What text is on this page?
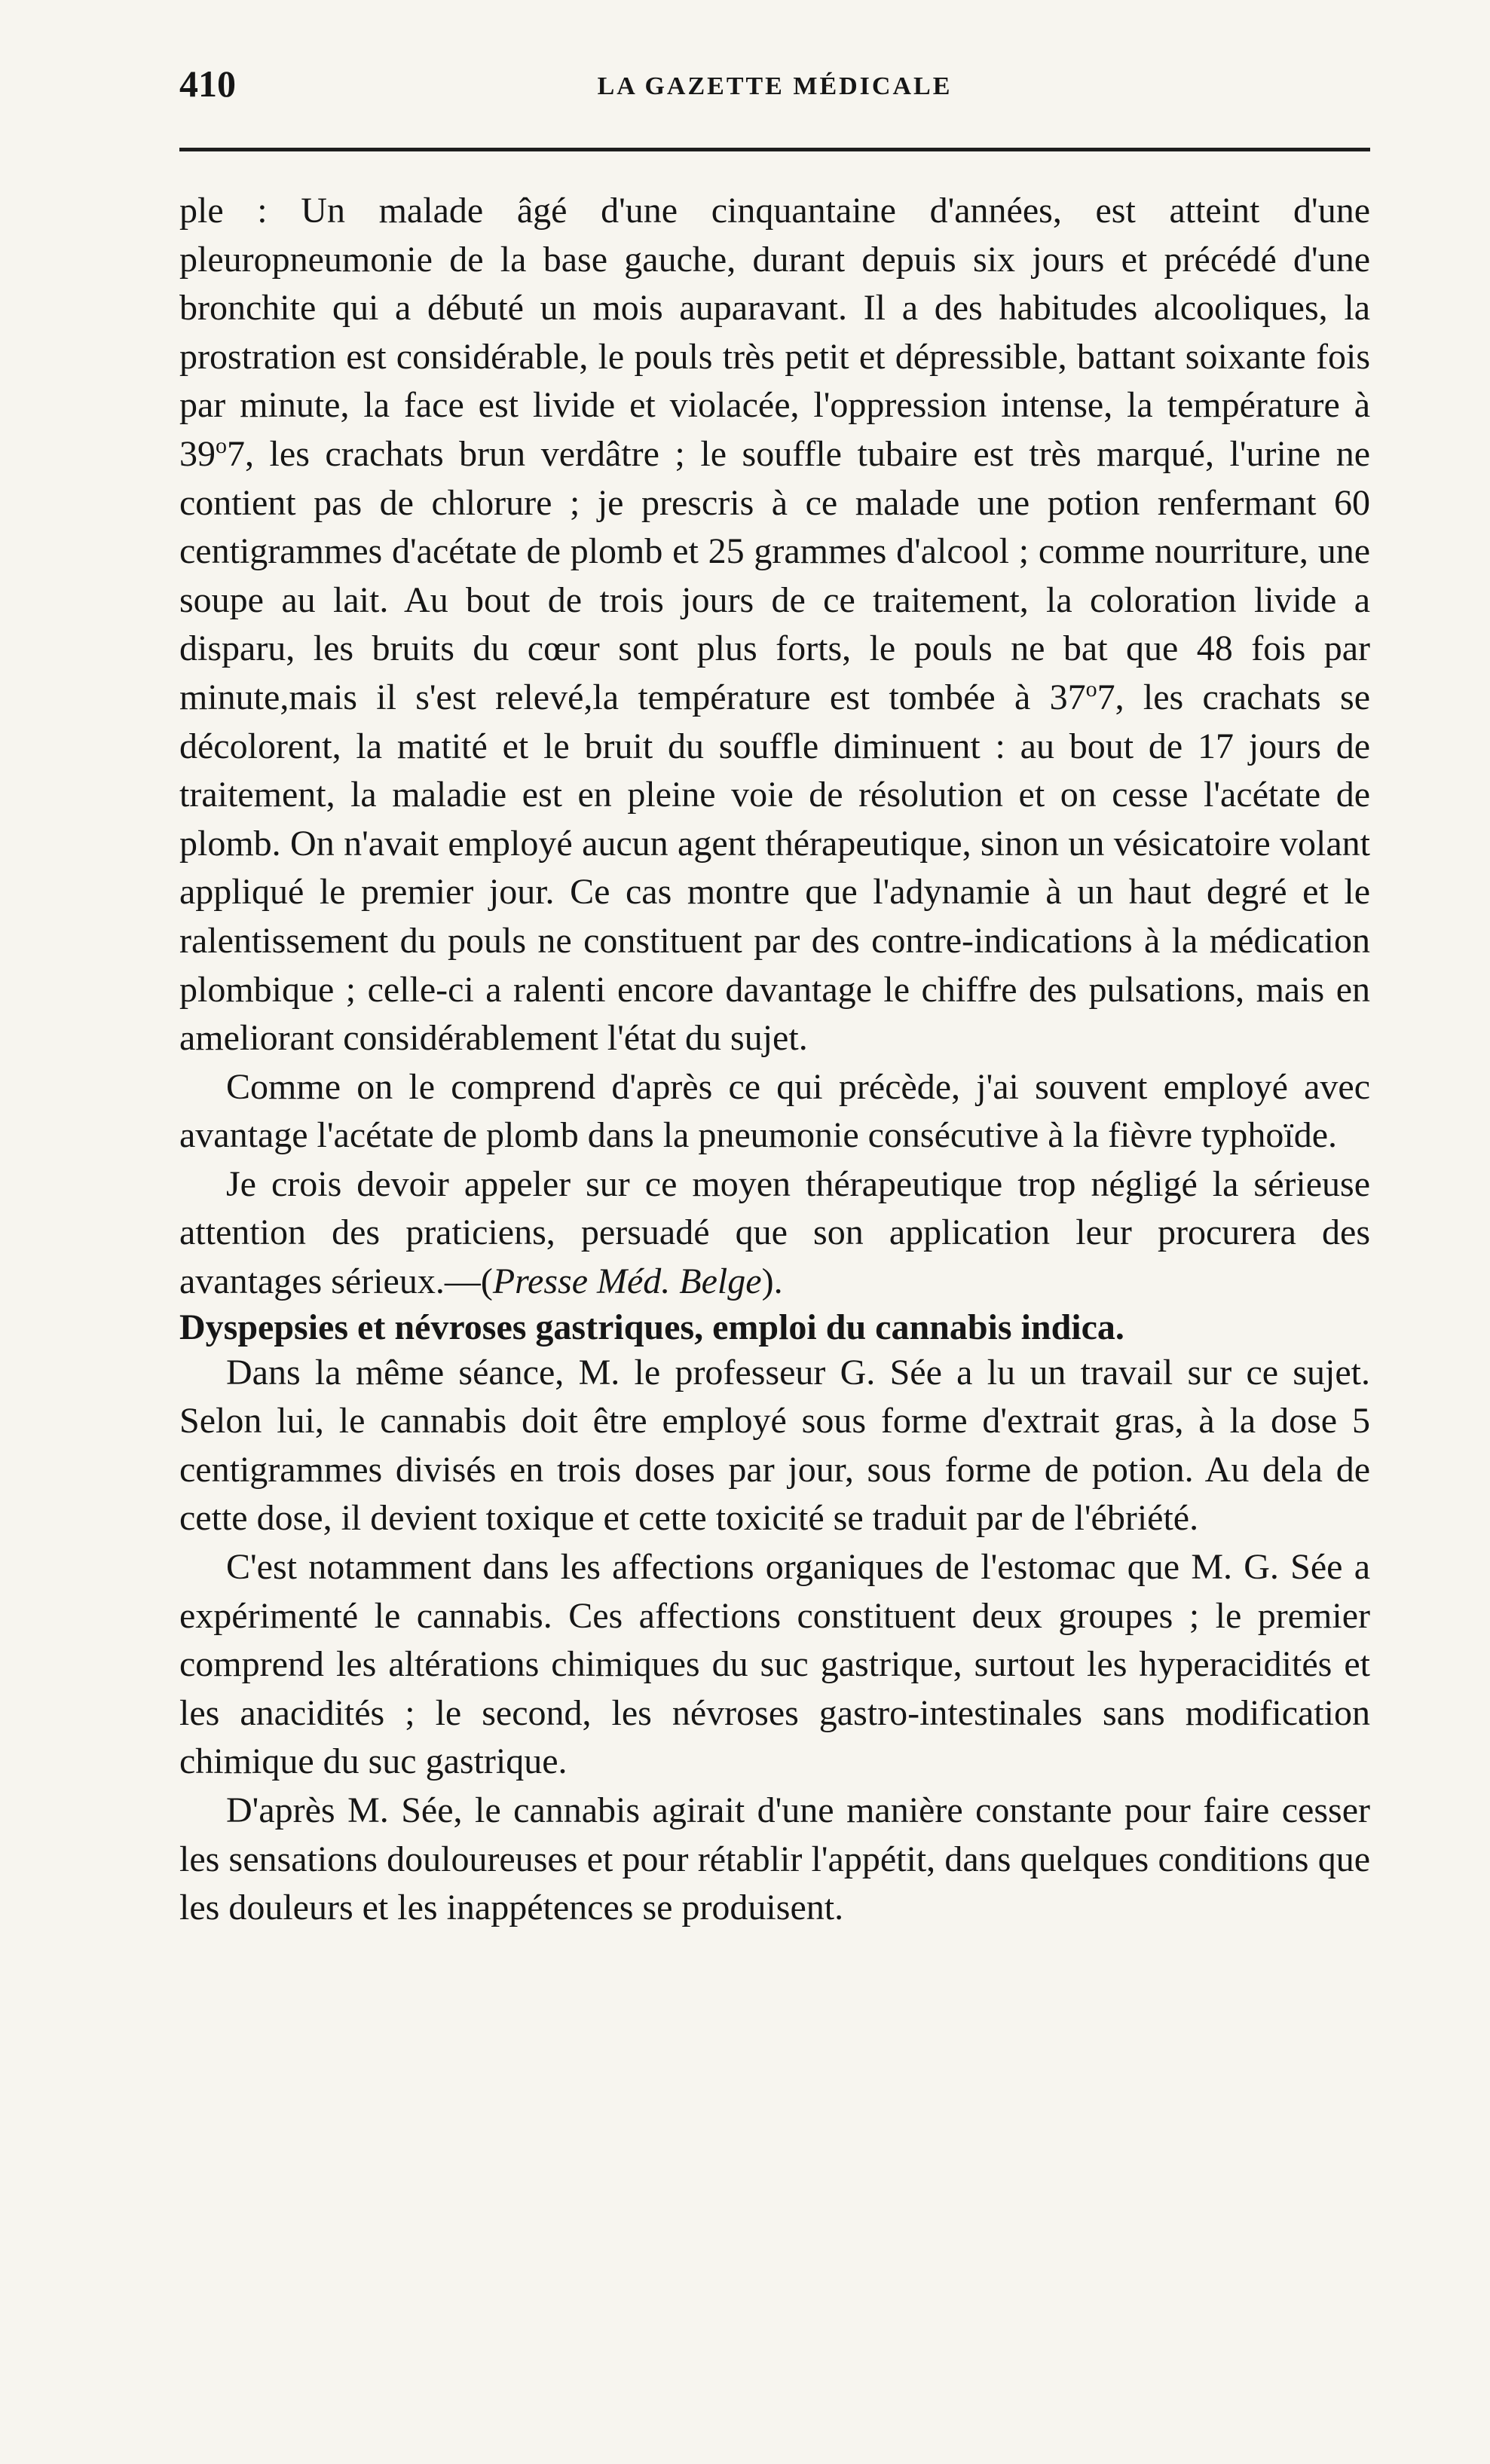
410	LA GAZETTE MÉDICALE

ple : Un malade âgé d'une cinquantaine d'années, est atteint d'une pleuropneumonie de la base gauche, durant depuis six jours et précédé d'une bronchite qui a débuté un mois auparavant. Il a des habitudes alcooliques, la prostration est considérable, le pouls très petit et dépressible, battant soixante fois par minute, la face est livide et violacée, l'oppression intense, la température à 39$^o$7, les crachats brun verdâtre ; le souffle tubaire est très marqué, l'urine ne contient pas de chlorure ; je prescris à ce malade une potion renfermant 60 centigrammes d'acétate de plomb et 25 grammes d'alcool ; comme nourriture, une soupe au lait. Au bout de trois jours de ce traitement, la coloration livide a disparu, les bruits du cœur sont plus forts, le pouls ne bat que 48 fois par minute,mais il s'est relevé,la température est tombée à 37$^o$7, les crachats se décolorent, la matité et le bruit du souffle diminuent : au bout de 17 jours de traitement, la maladie est en pleine voie de résolution et on cesse l'acétate de plomb. On n'avait employé aucun agent thérapeutique, sinon un vésicatoire volant appliqué le premier jour. Ce cas montre que l'adynamie à un haut degré et le ralentissement du pouls ne constituent par des contre-indications à la médication plombique ; celle-ci a ralenti encore davantage le chiffre des pulsations, mais en ameliorant considérablement l'état du sujet.

Comme on le comprend d'après ce qui précède, j'ai souvent employé avec avantage l'acétate de plomb dans la pneumonie consécutive à la fièvre typhoïde.

Je crois devoir appeler sur ce moyen thérapeutique trop négligé la sérieuse attention des praticiens, persuadé que son application leur procurera des avantages sérieux.—(Presse Méd. Belge).

Dyspepsies et névroses gastriques, emploi du cannabis indica.

Dans la même séance, M. le professeur G. Sée a lu un travail sur ce sujet. Selon lui, le cannabis doit être employé sous forme d'extrait gras, à la dose 5 centigrammes divisés en trois doses par jour, sous forme de potion. Au dela de cette dose, il devient toxique et cette toxicité se traduit par de l'ébriété.

C'est notamment dans les affections organiques de l'estomac que M. G. Sée a expérimenté le cannabis. Ces affections constituent deux groupes ; le premier comprend les altérations chimiques du suc gastrique, surtout les hyperacidités et les anacidités ; le second, les névroses gastro-intestinales sans modification chimique du suc gastrique.

D'après M. Sée, le cannabis agirait d'une manière constante pour faire cesser les sensations douloureuses et pour rétablir l'appétit, dans quelques conditions que les douleurs et les inappétences se produisent.
